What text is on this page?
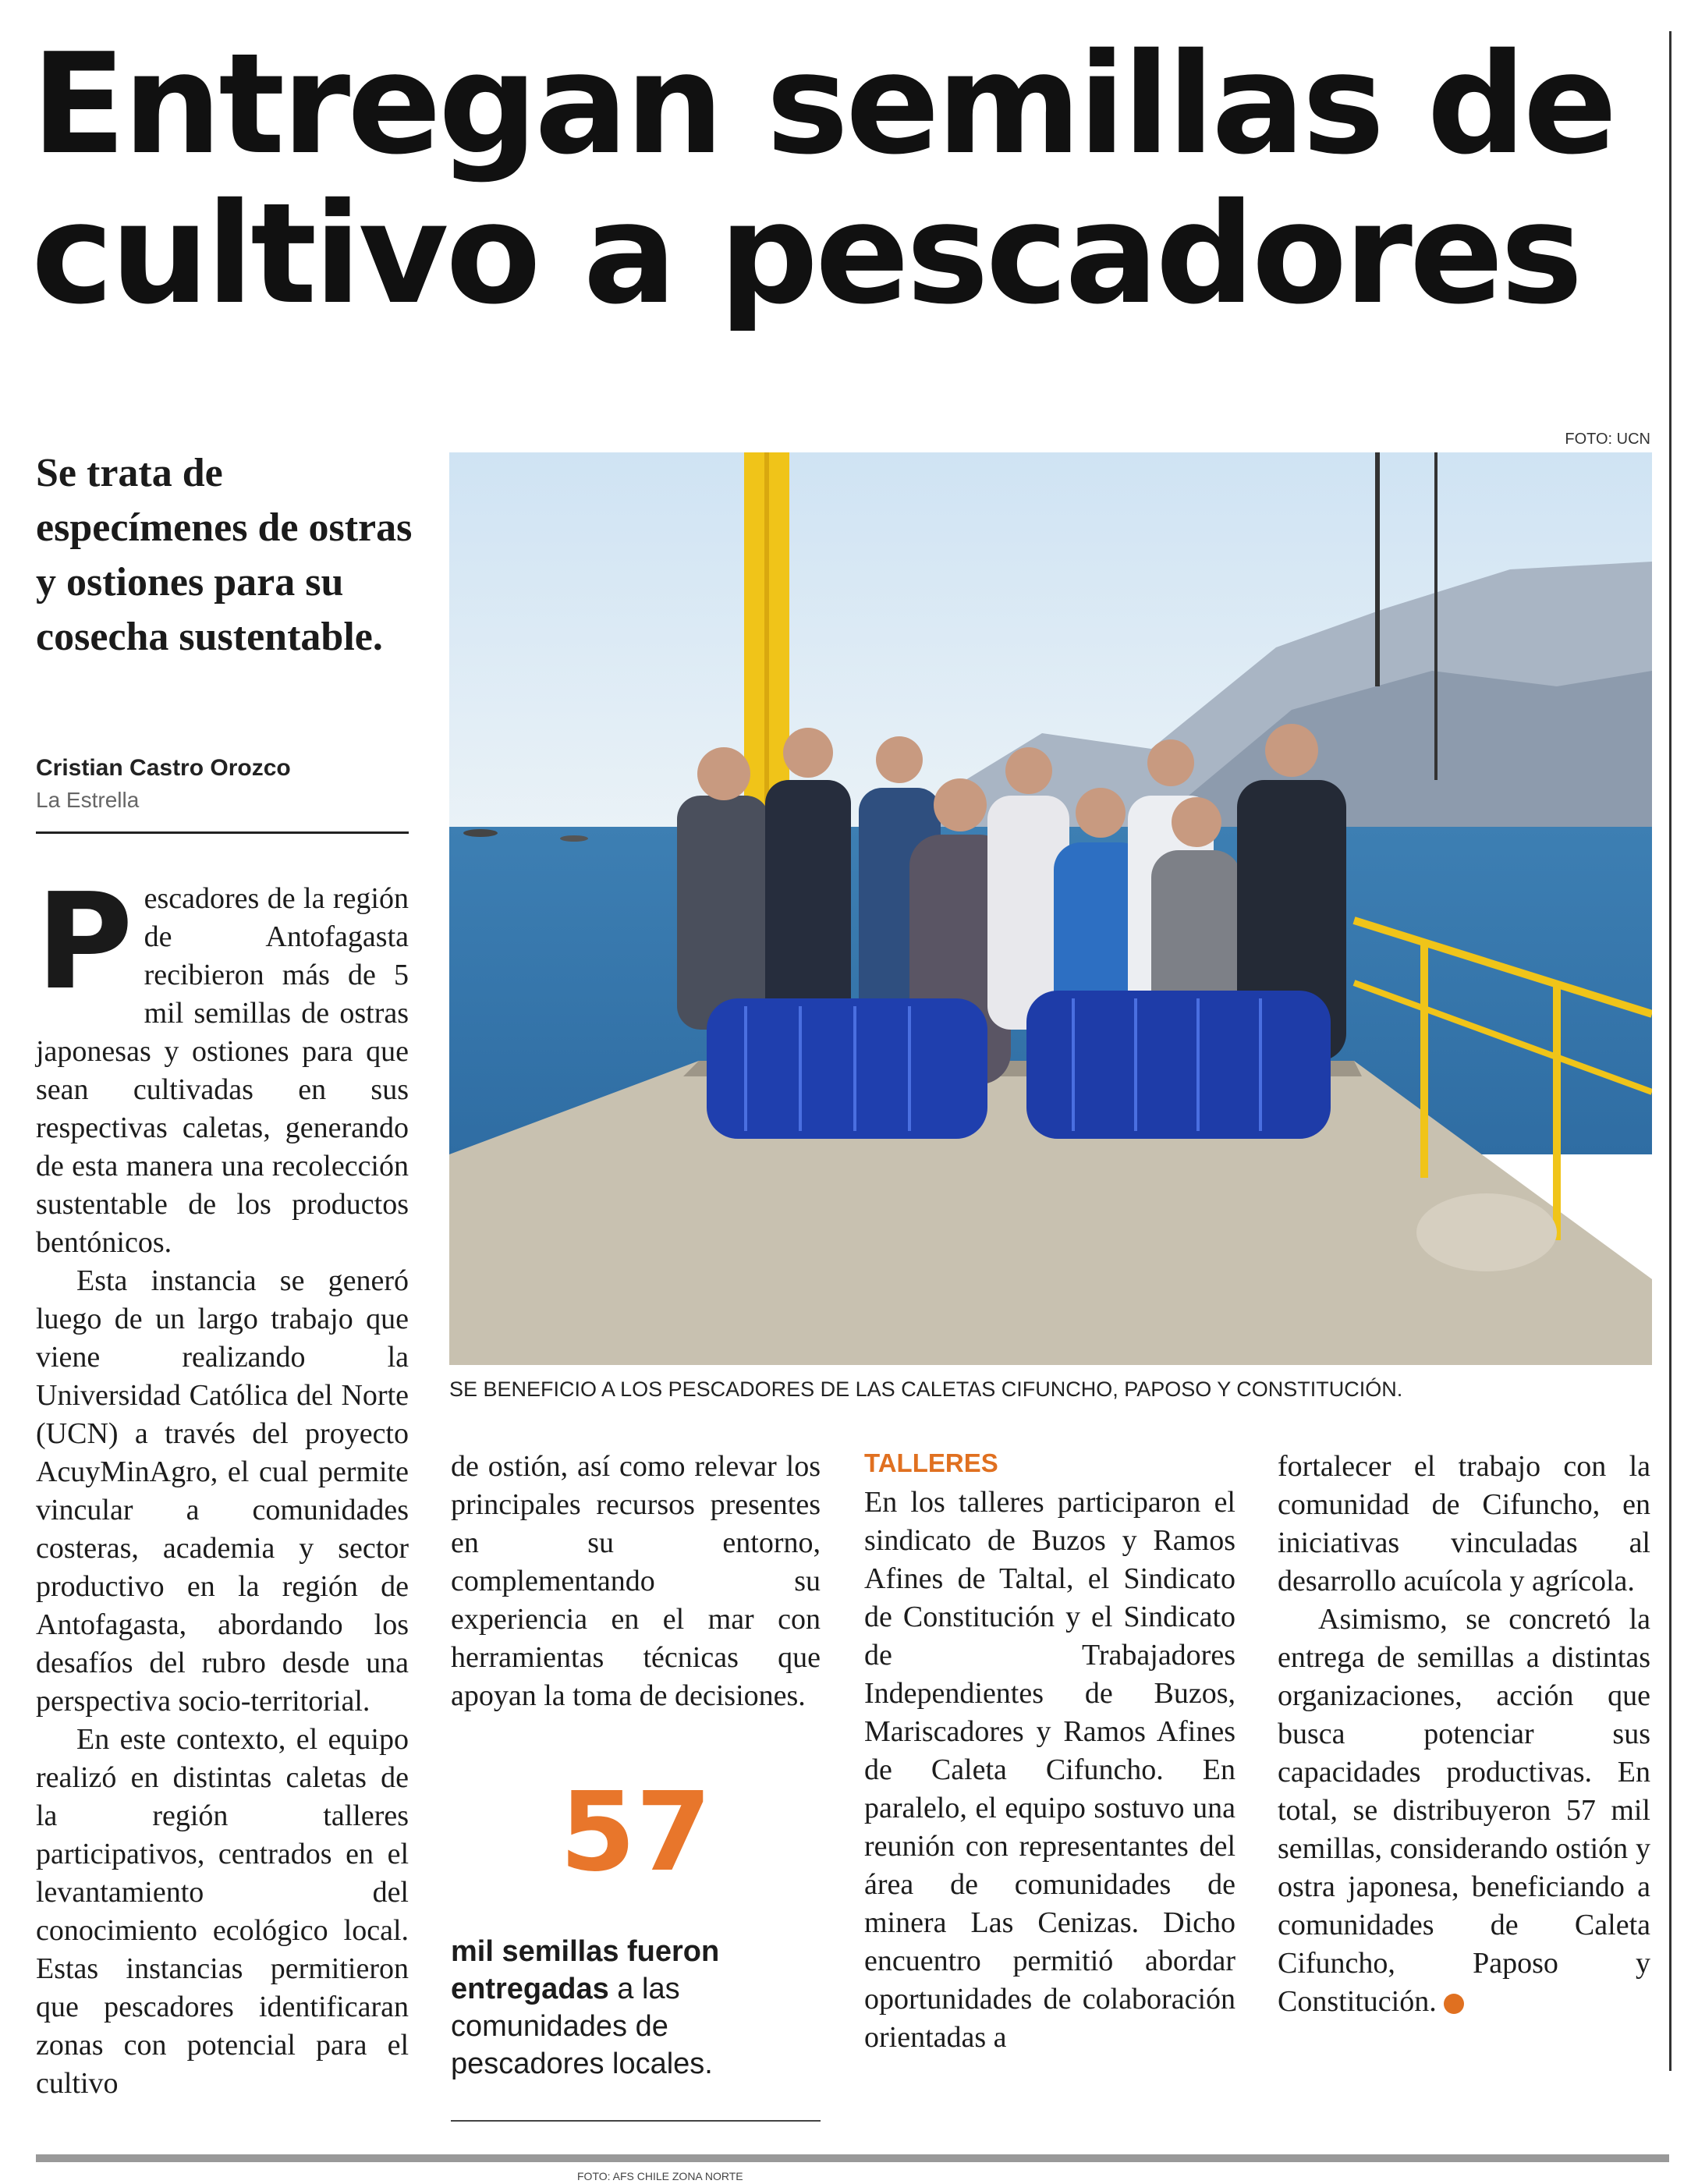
Entregan semillas de
cultivo a pescadores
Se trata de especímenes de ostras y ostiones para su cosecha sustentable.
Cristian Castro Orozco
La Estrella
FOTO: UCN
SE BENEFICIO A LOS PESCADORES DE LAS CALETAS CIFUNCHO, PAPOSO Y CONSTITUCIÓN.

Pescadores de la región de Antofagasta recibieron más de 5 mil semillas de ostras japonesas y ostiones para que sean cultivadas en sus respectivas caletas, generando de esta manera una recolección sustentable de los productos bentónicos.

Esta instancia se generó luego de un largo trabajo que viene realizando la Universidad Católica del Norte (UCN) a través del proyecto AcuyMinAgro, el cual permite vincular a comunidades costeras, academia y sector productivo en la región de Antofagasta, abordando los desafíos del rubro desde una perspectiva socio-territorial.

En este contexto, el equipo realizó en distintas caletas de la región talleres participativos, centrados en el levantamiento del conocimiento ecológico local. Estas instancias permitieron que pescadores identificaran zonas con potencial para el cultivo

de ostión, así como relevar los principales recursos presentes en su entorno, complementando su experiencia en el mar con herramientas técnicas que apoyan la toma de decisiones.

57
mil semillas fueron entregadas a las comunidades de pescadores locales.
TALLERES

En los talleres participaron el sindicato de Buzos y Ramos Afines de Taltal, el Sindicato de Constitución y el Sindicato de Trabajadores Independientes de Buzos, Mariscadores y Ramos Afines de Caleta Cifuncho. En paralelo, el equipo sostuvo una reunión con representantes del área de comunidades de minera Las Cenizas. Dicho encuentro permitió abordar oportunidades de colaboración orientadas a

fortalecer el trabajo con la comunidad de Cifuncho, en iniciativas vinculadas al desarrollo acuícola y agrícola.

Asimismo, se concretó la entrega de semillas a distintas organizaciones, acción que busca potenciar sus capacidades productivas. En total, se distribuyeron 57 mil semillas, considerando ostión y ostra japonesa, beneficiando a comunidades de Caleta Cifuncho, Paposo y Constitución.	▸

FOTO: AFS CHILE ZONA NORTE
